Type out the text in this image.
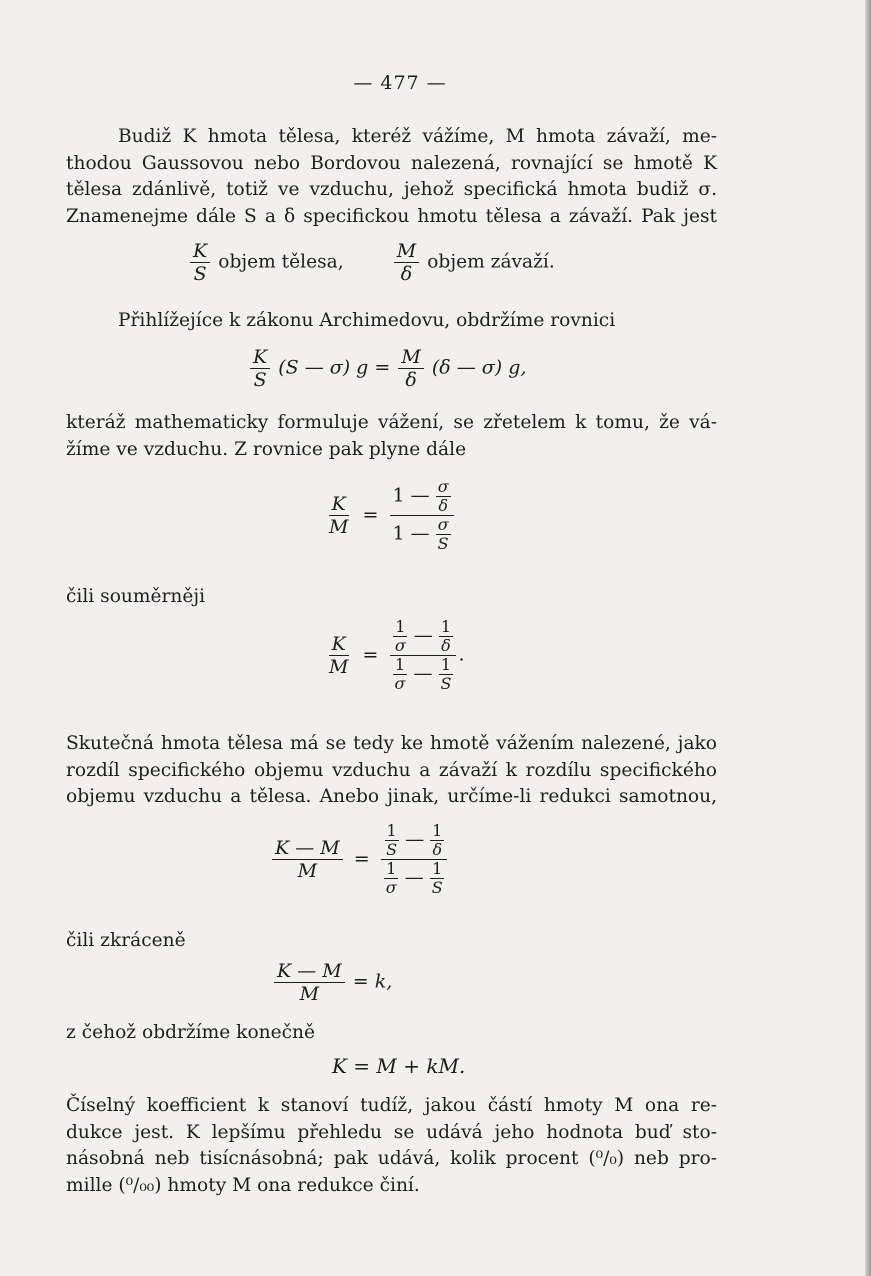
— 477 —
Budiž K hmota tělesa, kteréž vážíme, M hmota závaží, me-
thodou Gaussovou nebo Bordovou nalezená, rovnající se hmotě K
tělesa zdánlivě, totiž ve vzduchu, jehož specifická hmota budiž σ.
Znamenejme dále S a δ specifickou hmotu tělesa a závaží. Pak jest
$\frac{K}{S}$ objem tělesa,	$\frac{M}{\delta}$ objem závaží.
Přihlížejíce k zákonu Archimedovu, obdržíme rovnici
$\frac{K}{S} (S$ — σ) $g = \frac{M}{\delta} (\delta$ — σ) g,
kteráž mathematicky formuluje vážení, se zřetelem k tomu, že vá-
žíme ve vzduchu. Z rovnice pak plyne dále
$\frac{K}{M} = \frac{1 — \frac{\sigma}{\delta}}{1 — \frac{\sigma}{S}}$
čili souměrněji
$\frac{K}{M} = \frac{\frac{1}{\sigma} — \frac{1}{\delta}}{\frac{1}{\sigma} — \frac{1}{S}}$ .
Skutečná hmota tělesa má se tedy ke hmotě vážením nalezené, jako
rozdíl specifického objemu vzduchu a závaží k rozdílu specifického
objemu vzduchu a tělesa. Anebo jinak, určíme-li redukci samotnou,
$\frac{K — M}{M} = \frac{\frac{1}{S} — \frac{1}{\delta}}{\frac{1}{\sigma} — \frac{1}{S}}$
čili zkráceně
$\frac{K — M}{M} = k$,
z čehož obdržíme konečně
K = M + kM.
Číselný koefficient k stanoví tudíž, jakou částí hmoty M ona re-
dukce jest. K lepšímu přehledu se udává jeho hodnota buď sto-
násobná neb tisícnásobná; pak udává, kolik procent (⁰/₀) neb pro-
mille (⁰/₀₀) hmoty M ona redukce činí.
